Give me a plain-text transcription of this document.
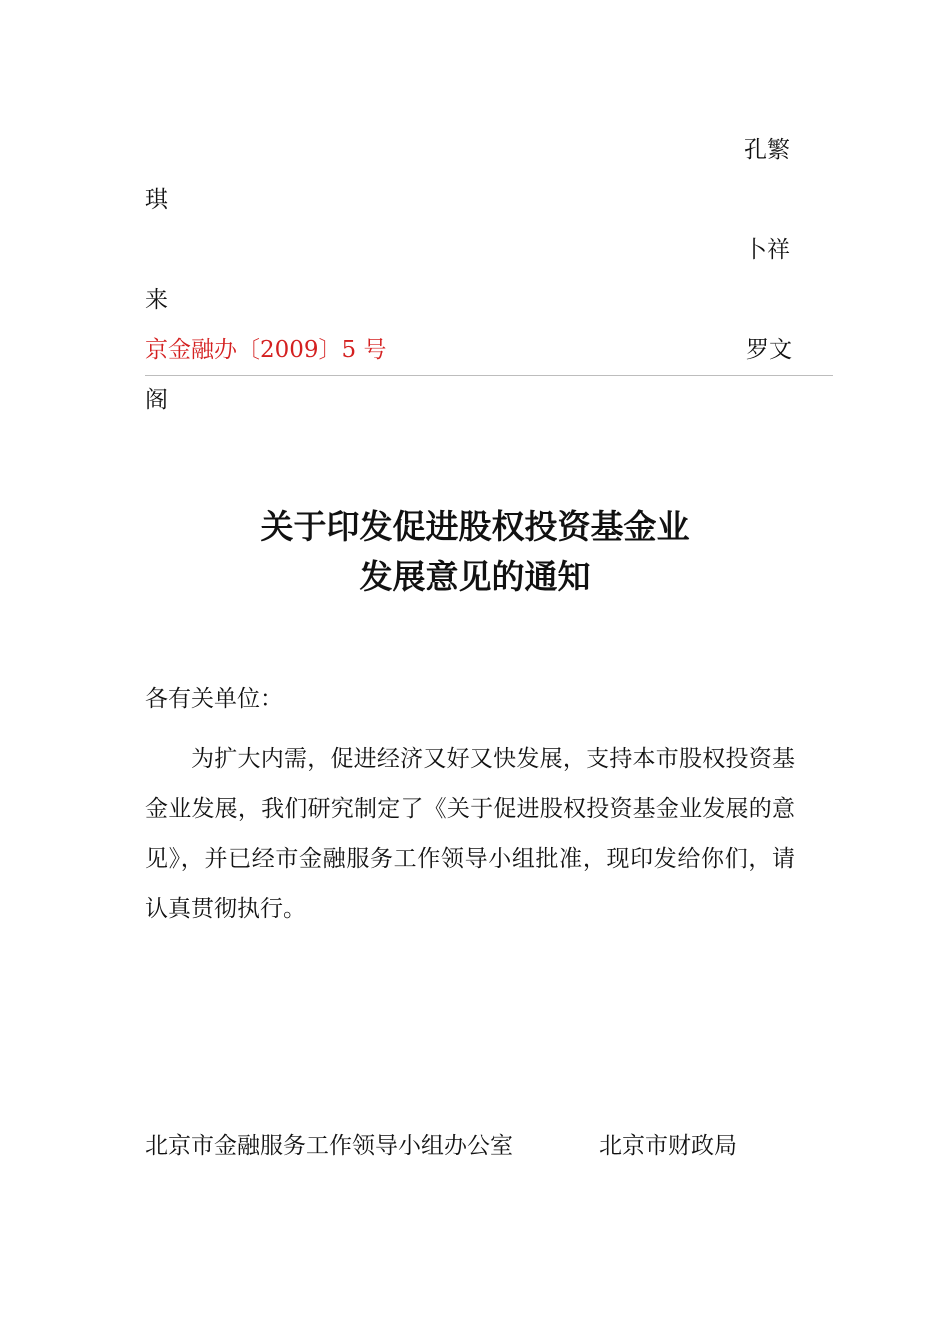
孔繁
琪
卜祥
来
京金融办〔2009〕5 号	罗文
阁
关于印发促进股权投资基金业
发展意见的通知
各有关单位：
为扩大内需，促进经济又好又快发展，支持本市股权投资基金业发展，我们研究制定了《关于促进股权投资基金业发展的意见》，并已经市金融服务工作领导小组批准，现印发给你们，请认真贯彻执行。
北京市金融服务工作领导小组办公室	北京市财政局
